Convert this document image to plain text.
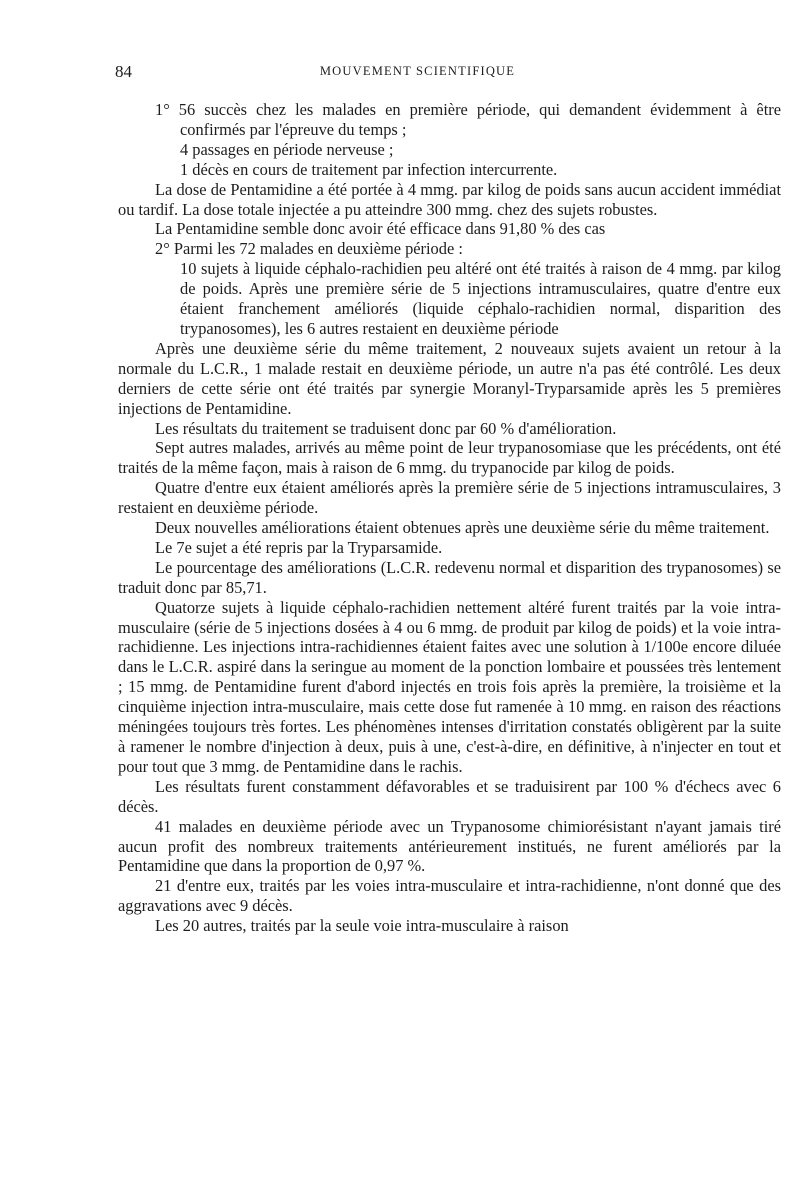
84	MOUVEMENT SCIENTIFIQUE

1° 56 succès chez les malades en première période, qui demandent évidemment à être confirmés par l'épreuve du temps ;

4 passages en période nerveuse ;

1 décès en cours de traitement par infection intercurrente.

La dose de Pentamidine a été portée à 4 mmg. par kilog de poids sans aucun accident immédiat ou tardif. La dose totale injectée a pu atteindre 300 mmg. chez des sujets robustes.

La Pentamidine semble donc avoir été efficace dans 91,80 % des cas

2° Parmi les 72 malades en deuxième période :

10 sujets à liquide céphalo-rachidien peu altéré ont été traités à raison de 4 mmg. par kilog de poids. Après une première série de 5 injections intramusculaires, quatre d'entre eux étaient franchement améliorés (liquide céphalo-rachidien normal, disparition des trypanosomes), les 6 autres restaient en deuxième période

Après une deuxième série du même traitement, 2 nouveaux sujets avaient un retour à la normale du L.C.R., 1 malade restait en deuxième période, un autre n'a pas été contrôlé. Les deux derniers de cette série ont été traités par synergie Moranyl-Tryparsamide après les 5 premières injections de Pentamidine.

Les résultats du traitement se traduisent donc par 60 % d'amélioration.

Sept autres malades, arrivés au même point de leur trypanosomiase que les précédents, ont été traités de la même façon, mais à raison de 6 mmg. du trypanocide par kilog de poids.

Quatre d'entre eux étaient améliorés après la première série de 5 injections intramusculaires, 3 restaient en deuxième période.

Deux nouvelles améliorations étaient obtenues après une deuxième série du même traitement.

Le 7e sujet a été repris par la Tryparsamide.

Le pourcentage des améliorations (L.C.R. redevenu normal et disparition des trypanosomes) se traduit donc par 85,71.

Quatorze sujets à liquide céphalo-rachidien nettement altéré furent traités par la voie intra-musculaire (série de 5 injections dosées à 4 ou 6 mmg. de produit par kilog de poids) et la voie intra-rachidienne. Les injections intra-rachidiennes étaient faites avec une solution à 1/100e encore diluée dans le L.C.R. aspiré dans la seringue au moment de la ponction lombaire et poussées très lentement ; 15 mmg. de Pentamidine furent d'abord injectés en trois fois après la première, la troisième et la cinquième injection intra-musculaire, mais cette dose fut ramenée à 10 mmg. en raison des réactions méningées toujours très fortes. Les phénomènes intenses d'irritation constatés obligèrent par la suite à ramener le nombre d'injection à deux, puis à une, c'est-à-dire, en définitive, à n'injecter en tout et pour tout que 3 mmg. de Pentamidine dans le rachis.

Les résultats furent constamment défavorables et se traduisirent par 100 % d'échecs avec 6 décès.

41 malades en deuxième période avec un Trypanosome chimiorésistant n'ayant jamais tiré aucun profit des nombreux traitements antérieurement institués, ne furent améliorés par la Pentamidine que dans la proportion de 0,97 %.

21 d'entre eux, traités par les voies intra-musculaire et intra-rachidienne, n'ont donné que des aggravations avec 9 décès.

Les 20 autres, traités par la seule voie intra-musculaire à raison
